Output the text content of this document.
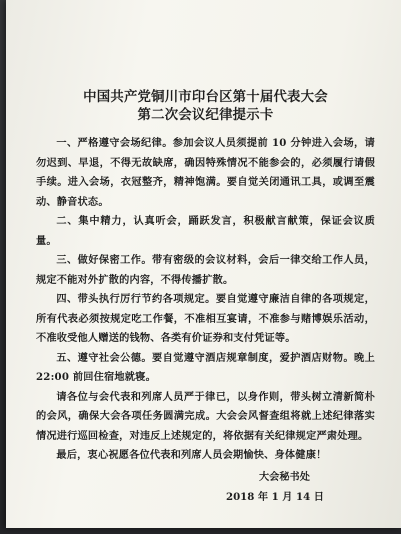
中国共产党铜川市印台区第十届代表大会

第二次会议纪律提示卡

一、严格遵守会场纪律。参加会议人员须提前 10 分钟进入会场，请勿迟到、早退，不得无故缺席，确因特殊情况不能参会的，必须履行请假手续。进入会场，衣冠整齐，精神饱满。要自觉关闭通讯工具，或调至震动、静音状态。

二、集中精力，认真听会，踊跃发言，积极献言献策，保证会议质量。

三、做好保密工作。带有密级的会议材料，会后一律交给工作人员，规定不能对外扩散的内容，不得传播扩散。

四、带头执行厉行节约各项规定。要自觉遵守廉洁自律的各项规定，所有代表必须按规定吃工作餐，不准相互宴请，不准参与赌博娱乐活动，不准收受他人赠送的钱物、各类有价证券和支付凭证等。

五、遵守社会公德。要自觉遵守酒店规章制度，爱护酒店财物。晚上 22:00 前回住宿地就寝。

请各位与会代表和列席人员严于律已，以身作则，带头树立清新简朴的会风，确保大会各项任务圆满完成。大会会风督查组将就上述纪律落实情况进行巡回检查，对违反上述规定的，将依据有关纪律规定严肃处理。

最后，衷心祝愿各位代表和列席人员会期愉快、身体健康！

大会秘书处
2018 年 1 月 14 日
